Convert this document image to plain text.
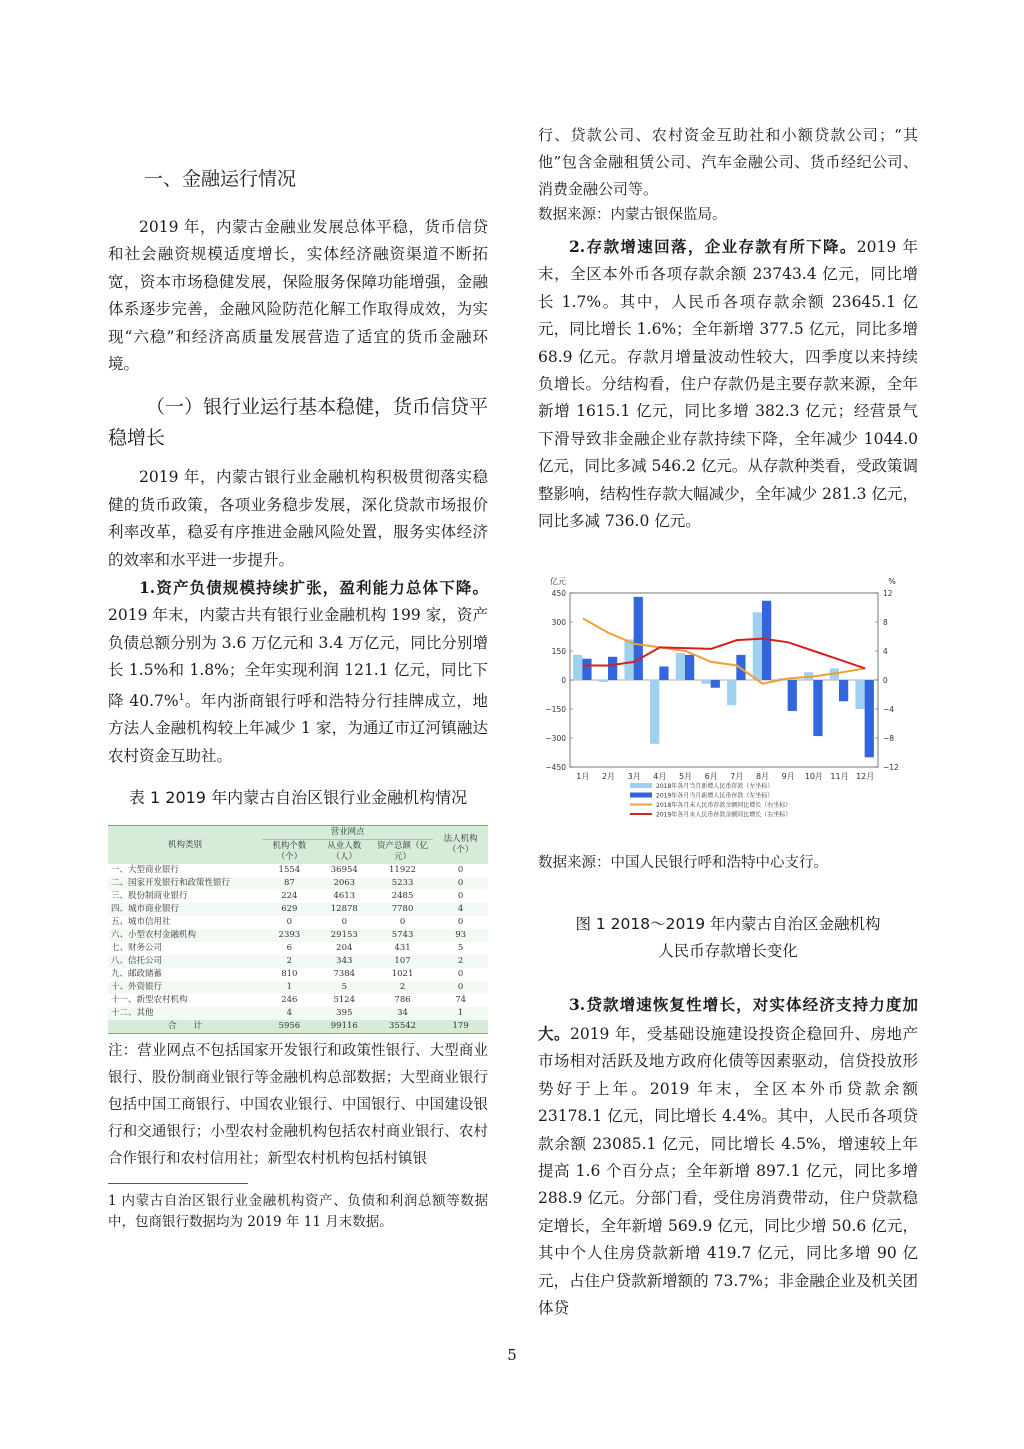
一、金融运行情况

2019 年，内蒙古金融业发展总体平稳，货币信贷和社会融资规模适度增长，实体经济融资渠道不断拓宽，资本市场稳健发展，保险服务保障功能增强，金融体系逐步完善，金融风险防范化解工作取得成效，为实现“六稳”和经济高质量发展营造了适宜的货币金融环境。

（一）银行业运行基本稳健，货币信贷平稳增长

2019 年，内蒙古银行业金融机构积极贯彻落实稳健的货币政策，各项业务稳步发展，深化贷款市场报价利率改革，稳妥有序推进金融风险处置，服务实体经济的效率和水平进一步提升。

1.资产负债规模持续扩张，盈利能力总体下降。2019 年末，内蒙古共有银行业金融机构 199 家，资产负债总额分别为 3.6 万亿元和 3.4 万亿元，同比分别增长 1.5%和 1.8%；全年实现利润 121.1 亿元，同比下降 40.7%$^1$。年内浙商银行呼和浩特分行挂牌成立，地方法人金融机构较上年减少 1 家，为通辽市辽河镇融达农村资金互助社。

表 1 2019 年内蒙古自治区银行业金融机构情况
机构类别	营业网点			法人机构（个）
	机构个数（个）	从业人数（人）	资产总额（亿元）	
一、大型商业银行	1554	36954	11922	0
二、国家开发银行和政策性银行	87	2063	5233	0
三、股份制商业银行	224	4613	2485	0
四、城市商业银行	629	12878	7780	4
五、城市信用社	0	0	0	0
六、小型农村金融机构	2393	29153	5743	93
七、财务公司	6	204	431	5
八、信托公司	2	343	107	2
九、邮政储蓄	810	7384	1021	0
十、外资银行	1	5	2	0
十一、新型农村机构	246	5124	786	74
十二、其他	4	395	34	1
合　　计	5956	99116	35542	179
注：营业网点不包括国家开发银行和政策性银行、大型商业银行、股份制商业银行等金融机构总部数据；大型商业银行包括中国工商银行、中国农业银行、中国银行、中国建设银行和交通银行；小型农村金融机构包括农村商业银行、农村合作银行和农村信用社；新型农村机构包括村镇银
1 内蒙古自治区银行业金融机构资产、负债和利润总额等数据中，包商银行数据均为 2019 年 11 月末数据。
行、贷款公司、农村资金互助社和小额贷款公司；“其他”包含金融租赁公司、汽车金融公司、货币经纪公司、消费金融公司等。
数据来源：内蒙古银保监局。

2.存款增速回落，企业存款有所下降。2019 年末，全区本外币各项存款余额 23743.4 亿元，同比增长 1.7%。其中，人民币各项存款余额 23645.1 亿元，同比增长 1.6%；全年新增 377.5 亿元，同比多增 68.9 亿元。存款月增量波动性较大，四季度以来持续负增长。分结构看，住户存款仍是主要存款来源，全年新增 1615.1 亿元，同比多增 382.3 亿元；经营景气下滑导致非金融企业存款持续下降，全年减少 1044.0 亿元，同比多减 546.2 亿元。从存款种类看，受政策调整影响，结构性存款大幅减少，全年减少 281.3 亿元，同比多减 736.0 亿元。

亿元	%
450
300
150
0
−150
−300
−450
12
8
4
0
−4
−8
−12
1月 2月 3月 4月 5月 6月 7月 8月 9月 10月 11月 12月
2018年各月当月新增人民币存款（左坐标）
2019年各月当月新增人民币存款（左坐标）
2018年各月末人民币存款余额同比增长（右坐标）
2019年各月末人民币存款余额同比增长（右坐标）
数据来源：中国人民银行呼和浩特中心支行。
图 1 2018～2019 年内蒙古自治区金融机构
人民币存款增长变化

3.贷款增速恢复性增长，对实体经济支持力度加大。2019 年，受基础设施建设投资企稳回升、房地产市场相对活跃及地方政府化债等因素驱动，信贷投放形势好于上年。2019 年末，全区本外币贷款余额 23178.1 亿元，同比增长 4.4%。其中，人民币各项贷款余额 23085.1 亿元，同比增长 4.5%，增速较上年提高 1.6 个百分点；全年新增 897.1 亿元，同比多增 288.9 亿元。分部门看，受住房消费带动，住户贷款稳定增长，全年新增 569.9 亿元，同比少增 50.6 亿元，其中个人住房贷款新增 419.7 亿元，同比多增 90 亿元，占住户贷款新增额的 73.7%；非金融企业及机关团体贷

5
